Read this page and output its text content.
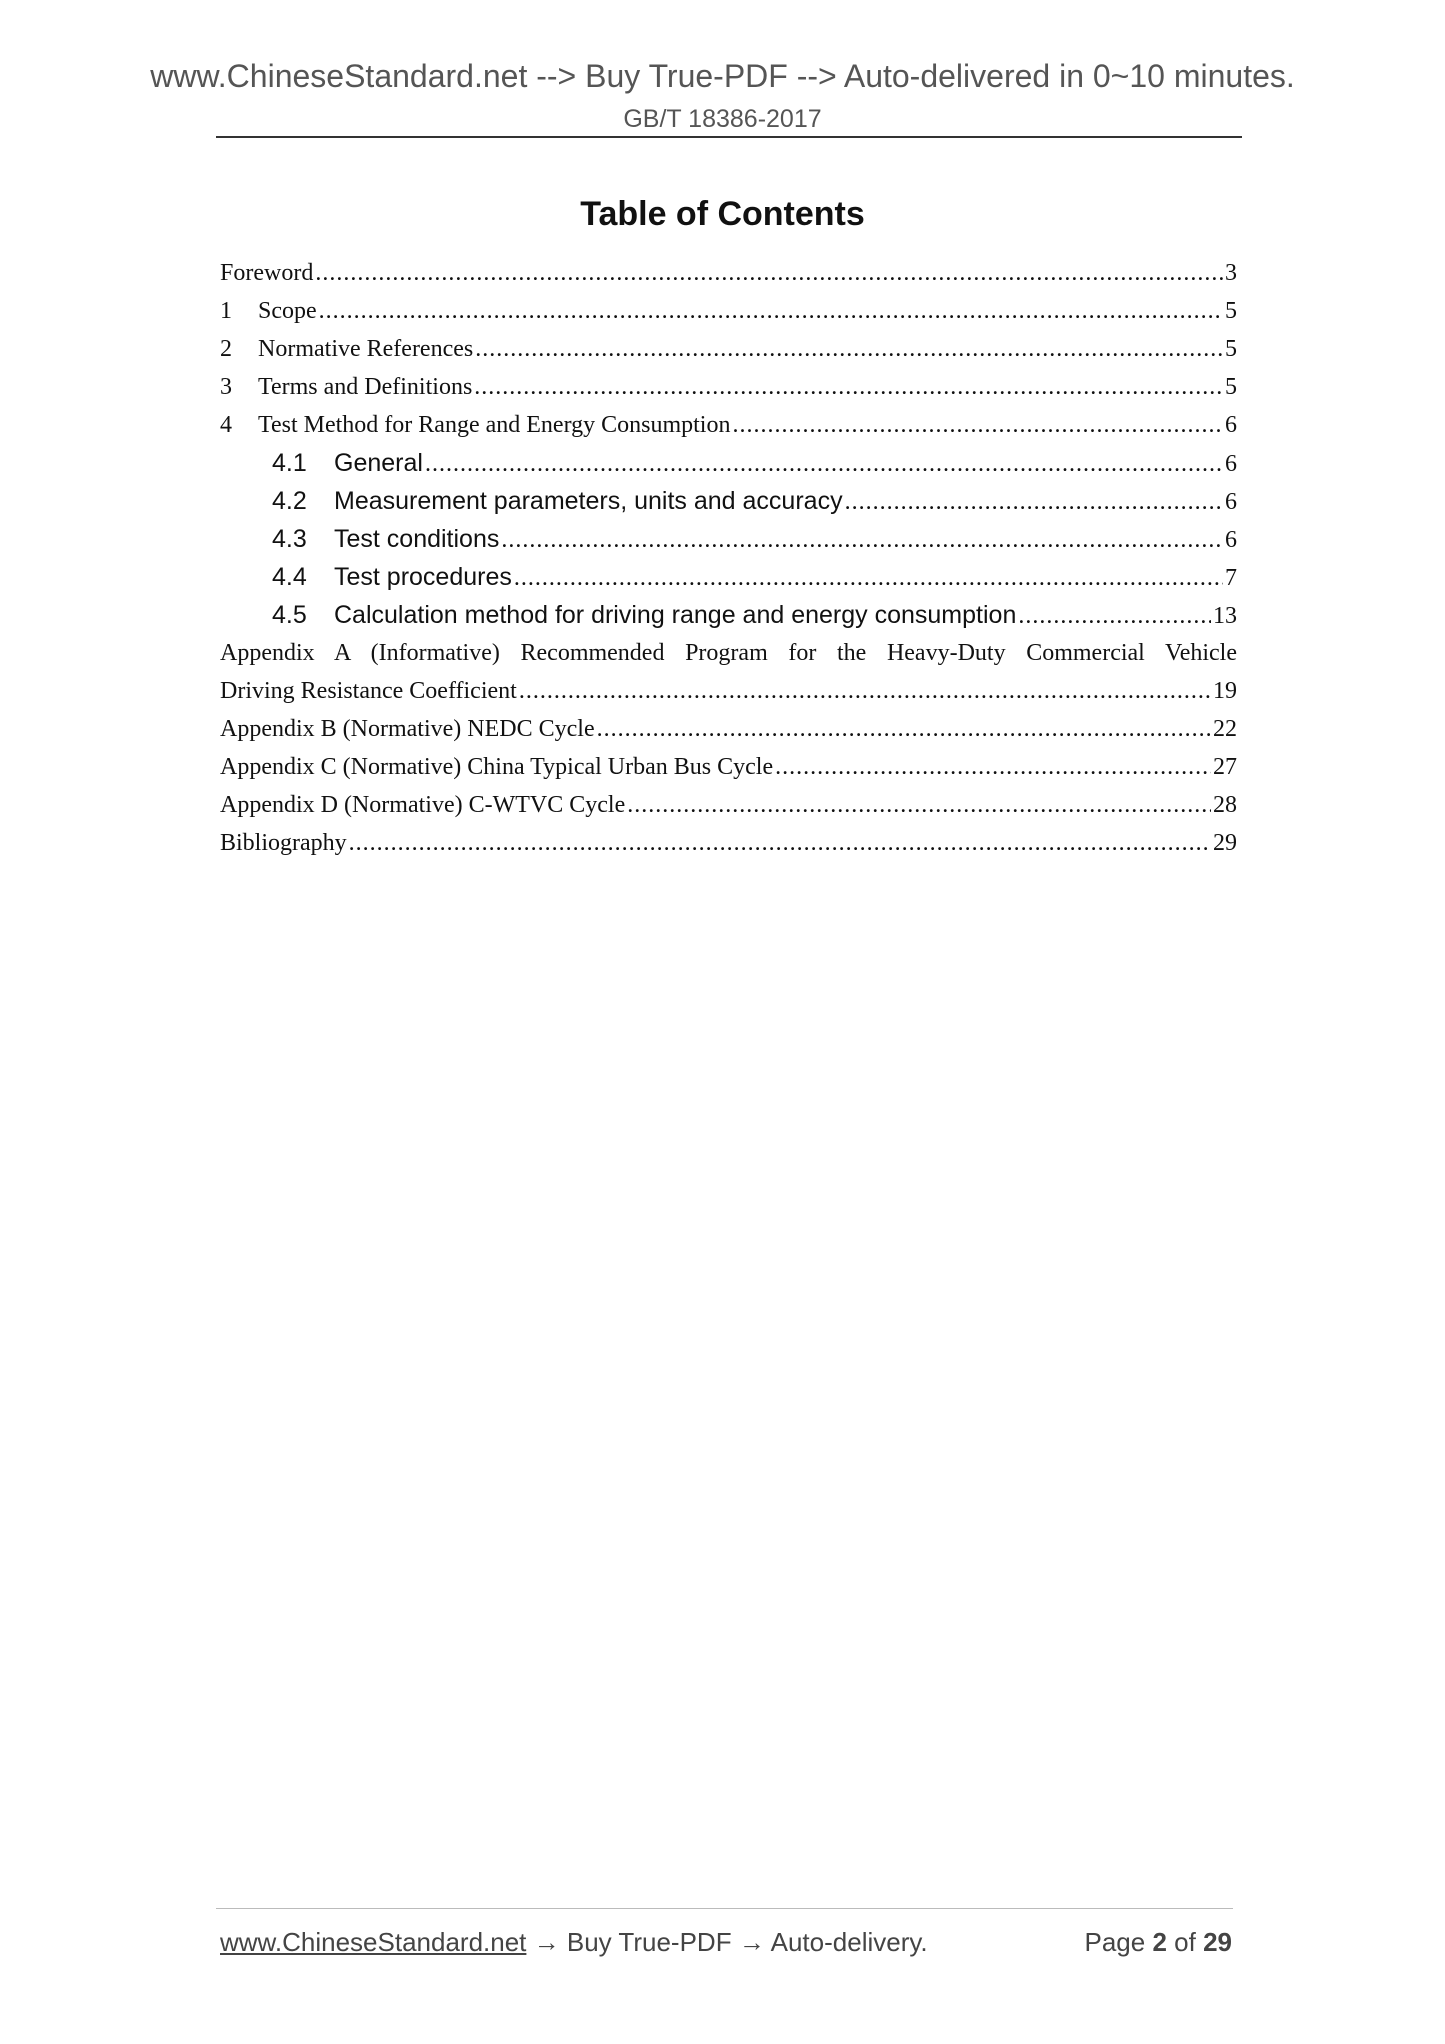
www.ChineseStandard.net --> Buy True-PDF --> Auto-delivered in 0~10 minutes.
GB/T 18386-2017
Table of Contents
Foreword .....	3
1	Scope .....	5
2	Normative References .....	5
3	Terms and Definitions .....	5
4	Test Method for Range and Energy Consumption .....	6
4.1	General .....	6
4.2	Measurement parameters, units and accuracy .....	6
4.3	Test conditions .....	6
4.4	Test procedures .....	7
4.5	Calculation method for driving range and energy consumption .....	13
Appendix A (Informative) Recommended Program for the Heavy-Duty Commercial Vehicle
Driving Resistance Coefficient .....	19
Appendix B (Normative) NEDC Cycle .....	22
Appendix C (Normative) China Typical Urban Bus Cycle .....	27
Appendix D (Normative) C-WTVC Cycle .....	28
Bibliography .....	29
www.ChineseStandard.net → Buy True-PDF → Auto-delivery.	Page 2 of 29
